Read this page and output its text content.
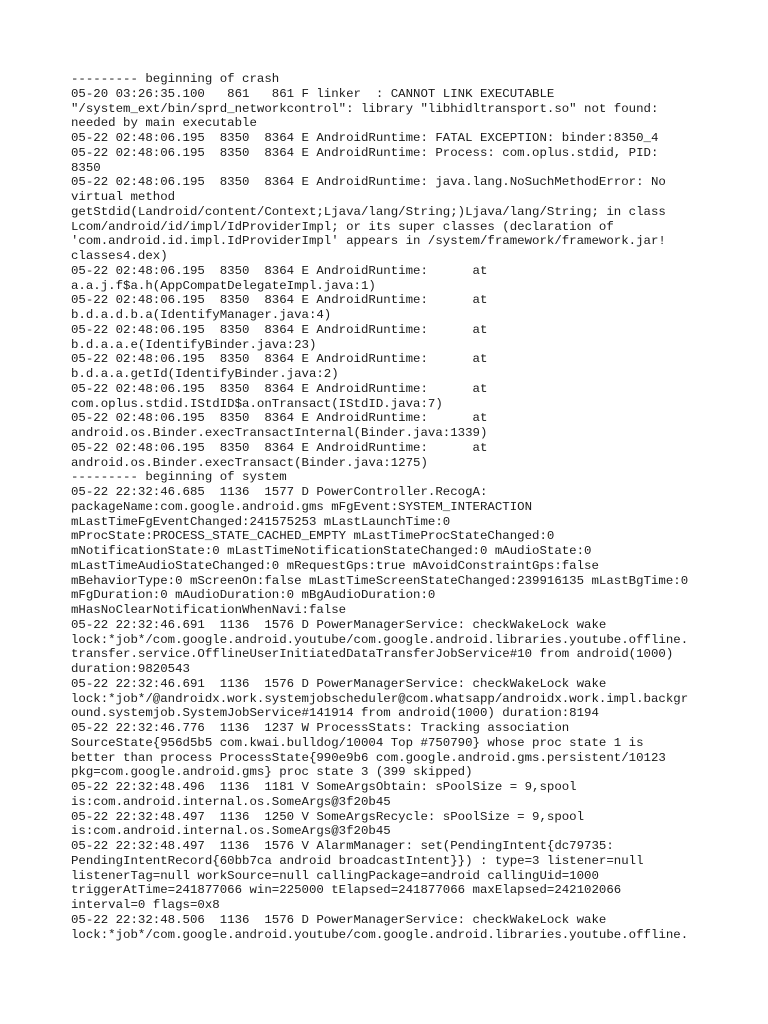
--------- beginning of crash
05-20 03:26:35.100   861   861 F linker  : CANNOT LINK EXECUTABLE
"/system_ext/bin/sprd_networkcontrol": library "libhidltransport.so" not found:
needed by main executable
05-22 02:48:06.195  8350  8364 E AndroidRuntime: FATAL EXCEPTION: binder:8350_4
05-22 02:48:06.195  8350  8364 E AndroidRuntime: Process: com.oplus.stdid, PID:
8350
05-22 02:48:06.195  8350  8364 E AndroidRuntime: java.lang.NoSuchMethodError: No
virtual method
getStdid(Landroid/content/Context;Ljava/lang/String;)Ljava/lang/String; in class
Lcom/android/id/impl/IdProviderImpl; or its super classes (declaration of
'com.android.id.impl.IdProviderImpl' appears in /system/framework/framework.jar!
classes4.dex)
05-22 02:48:06.195  8350  8364 E AndroidRuntime:      at
a.a.j.f$a.h(AppCompatDelegateImpl.java:1)
05-22 02:48:06.195  8350  8364 E AndroidRuntime:      at
b.d.a.d.b.a(IdentifyManager.java:4)
05-22 02:48:06.195  8350  8364 E AndroidRuntime:      at
b.d.a.a.e(IdentifyBinder.java:23)
05-22 02:48:06.195  8350  8364 E AndroidRuntime:      at
b.d.a.a.getId(IdentifyBinder.java:2)
05-22 02:48:06.195  8350  8364 E AndroidRuntime:      at
com.oplus.stdid.IStdID$a.onTransact(IStdID.java:7)
05-22 02:48:06.195  8350  8364 E AndroidRuntime:      at
android.os.Binder.execTransactInternal(Binder.java:1339)
05-22 02:48:06.195  8350  8364 E AndroidRuntime:      at
android.os.Binder.execTransact(Binder.java:1275)
--------- beginning of system
05-22 22:32:46.685  1136  1577 D PowerController.RecogA:
packageName:com.google.android.gms mFgEvent:SYSTEM_INTERACTION
mLastTimeFgEventChanged:241575253 mLastLaunchTime:0
mProcState:PROCESS_STATE_CACHED_EMPTY mLastTimeProcStateChanged:0
mNotificationState:0 mLastTimeNotificationStateChanged:0 mAudioState:0
mLastTimeAudioStateChanged:0 mRequestGps:true mAvoidConstraintGps:false
mBehaviorType:0 mScreenOn:false mLastTimeScreenStateChanged:239916135 mLastBgTime:0
mFgDuration:0 mAudioDuration:0 mBgAudioDuration:0
mHasNoClearNotificationWhenNavi:false
05-22 22:32:46.691  1136  1576 D PowerManagerService: checkWakeLock wake
lock:*job*/com.google.android.youtube/com.google.android.libraries.youtube.offline.
transfer.service.OfflineUserInitiatedDataTransferJobService#10 from android(1000)
duration:9820543
05-22 22:32:46.691  1136  1576 D PowerManagerService: checkWakeLock wake
lock:*job*/@androidx.work.systemjobscheduler@com.whatsapp/androidx.work.impl.backgr
ound.systemjob.SystemJobService#141914 from android(1000) duration:8194
05-22 22:32:46.776  1136  1237 W ProcessStats: Tracking association
SourceState{956d5b5 com.kwai.bulldog/10004 Top #750790} whose proc state 1 is
better than process ProcessState{990e9b6 com.google.android.gms.persistent/10123
pkg=com.google.android.gms} proc state 3 (399 skipped)
05-22 22:32:48.496  1136  1181 V SomeArgsObtain: sPoolSize = 9,spool
is:com.android.internal.os.SomeArgs@3f20b45
05-22 22:32:48.497  1136  1250 V SomeArgsRecycle: sPoolSize = 9,spool
is:com.android.internal.os.SomeArgs@3f20b45
05-22 22:32:48.497  1136  1576 V AlarmManager: set(PendingIntent{dc79735:
PendingIntentRecord{60bb7ca android broadcastIntent}}) : type=3 listener=null
listenerTag=null workSource=null callingPackage=android callingUid=1000
triggerAtTime=241877066 win=225000 tElapsed=241877066 maxElapsed=242102066
interval=0 flags=0x8
05-22 22:32:48.506  1136  1576 D PowerManagerService: checkWakeLock wake
lock:*job*/com.google.android.youtube/com.google.android.libraries.youtube.offline.
